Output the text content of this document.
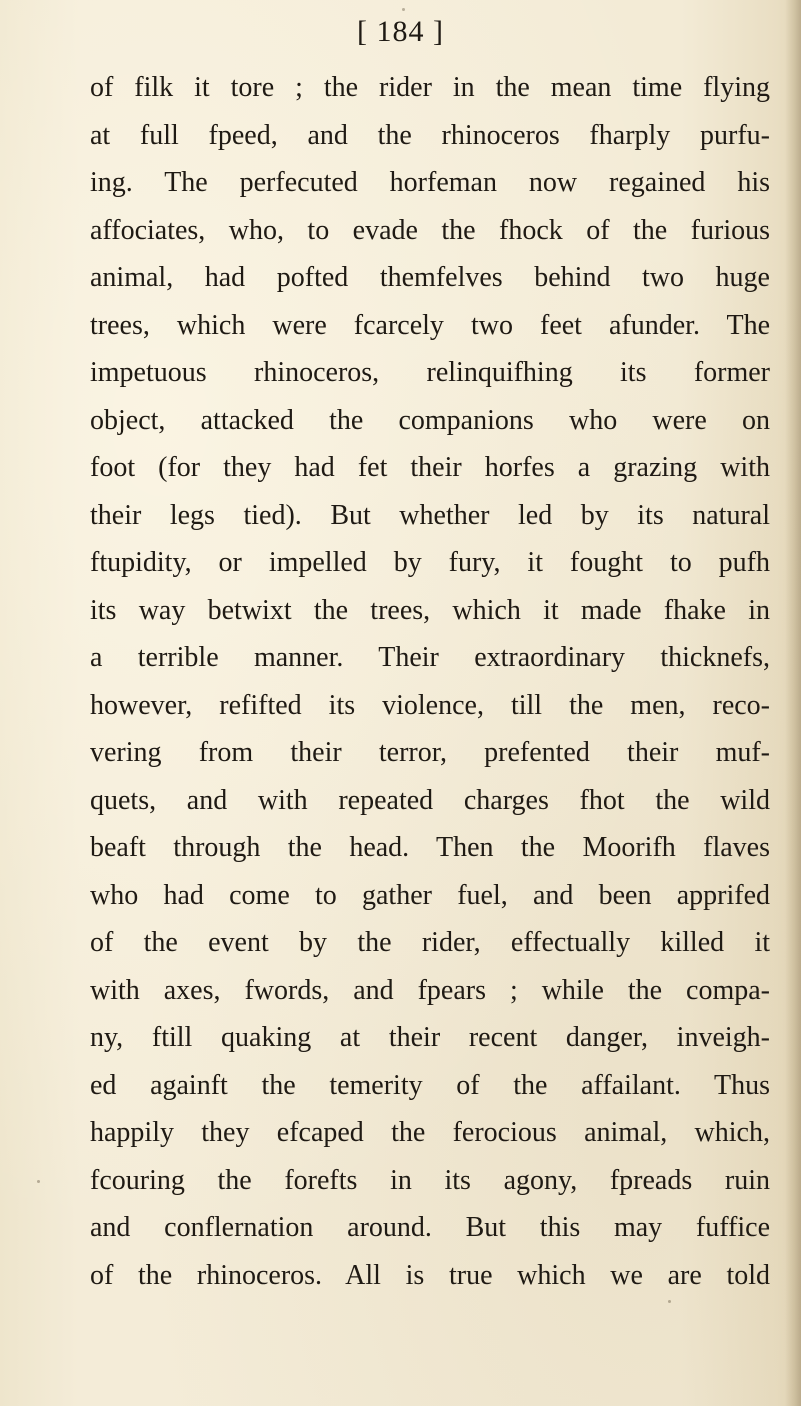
[ 184 ]
of filk it tore ; the rider in the mean time flying
at full fpeed, and the rhinoceros fharply purfu-
ing. The perfecuted horfeman now regained his
affociates, who, to evade the fhock of the furious
animal, had pofted themfelves behind two huge
trees, which were fcarcely two feet afunder. The
impetuous rhinoceros, relinquifhing its former
object, attacked the companions who were on
foot (for they had fet their horfes a grazing with
their legs tied). But whether led by its natural
ftupidity, or impelled by fury, it fought to pufh
its way betwixt the trees, which it made fhake in
a terrible manner. Their extraordinary thicknefs,
however, refifted its violence, till the men, reco-
vering from their terror, prefented their muf-
quets, and with repeated charges fhot the wild
beaft through the head. Then the Moorifh flaves
who had come to gather fuel, and been apprifed
of the event by the rider, effectually killed it
with axes, fwords, and fpears ; while the compa-
ny, ftill quaking at their recent danger, inveigh-
ed againft the temerity of the affailant. Thus
happily they efcaped the ferocious animal, which,
fcouring the forefts in its agony, fpreads ruin
and conflernation around. But this may fuffice
of the rhinoceros. All is true which we are told
